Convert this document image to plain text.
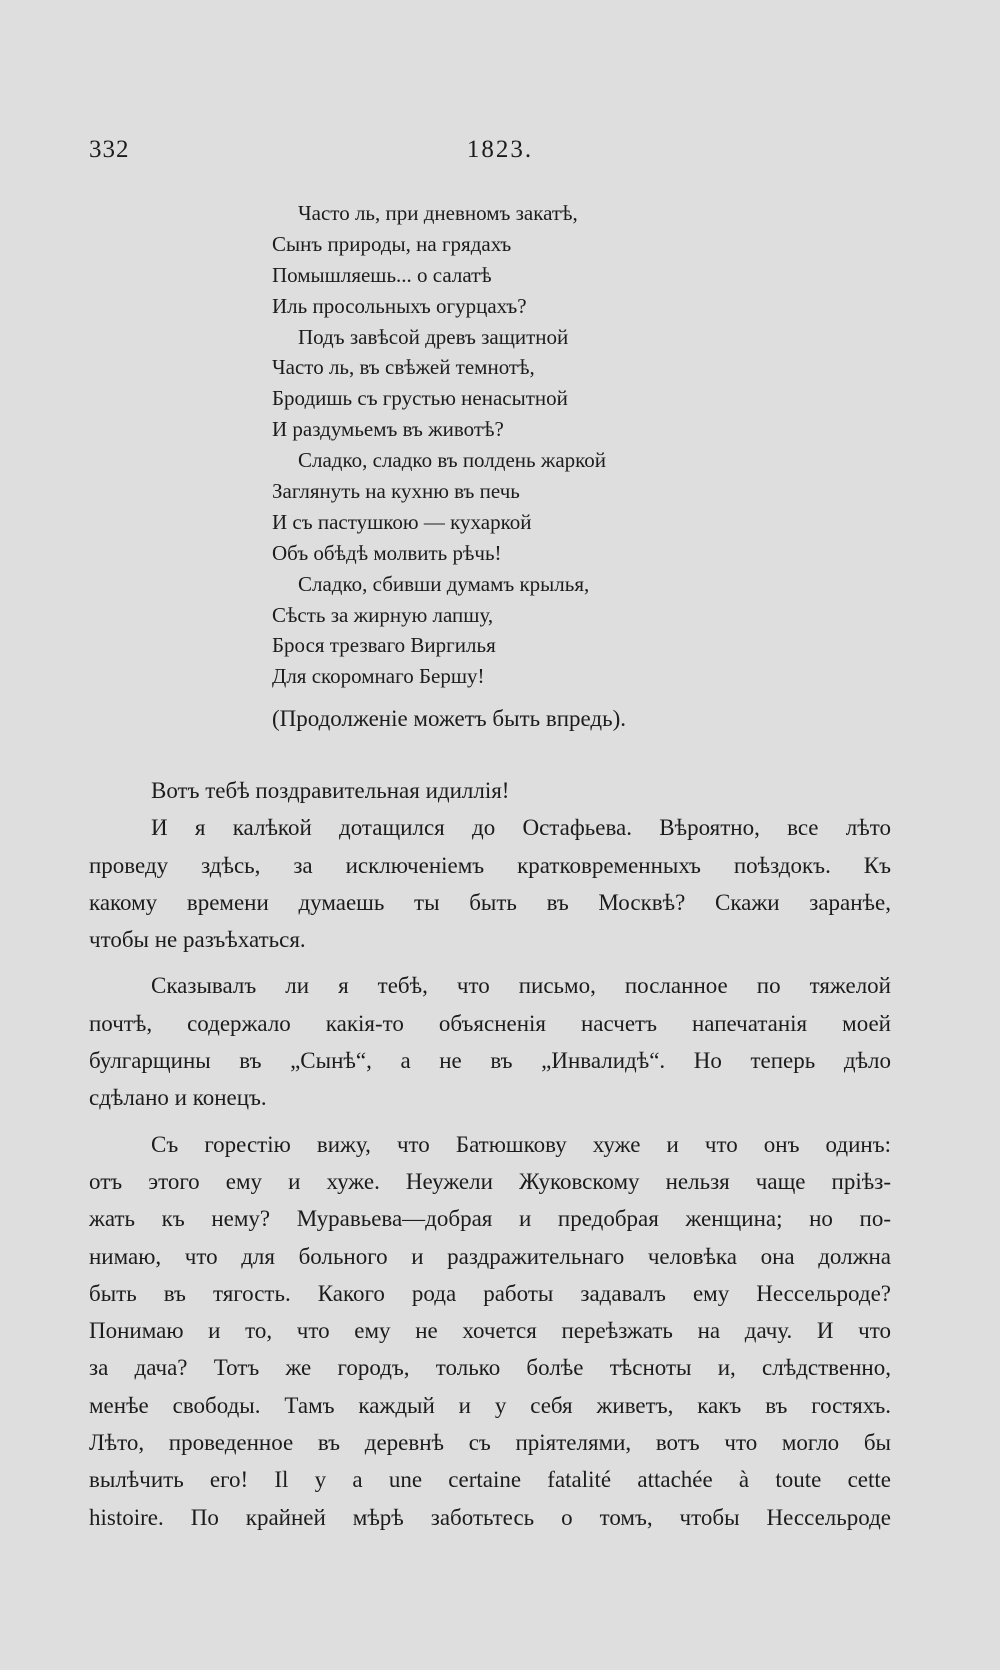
332	1823.
Часто ль, при дневномъ закатѣ,
Сынъ природы, на грядахъ
Помышляешь... о салатѣ
Иль просольныхъ огурцахъ?
Подъ завѣсой древъ защитной
Часто ль, въ свѣжей темнотѣ,
Бродишь съ грустью ненасытной
И раздумьемъ въ животѣ?
Сладко, сладко въ полдень жаркой
Заглянуть на кухню въ печь
И съ пастушкою — кухаркой
Объ обѣдѣ молвить рѣчь!
Сладко, сбивши думамъ крылья,
Сѣсть за жирную лапшу,
Брося трезваго Виргилья
Для скоромнаго Бершу!
(Продолженіе можетъ быть впредь).
Вотъ тебѣ поздравительная идиллія!
И я калѣкой дотащился до Остафьева. Вѣроятно, все лѣто
проведу здѣсь, за исключеніемъ кратковременныхъ поѣздокъ. Къ
какому времени думаешь ты быть въ Москвѣ? Скажи заранѣе,
чтобы не разъѣхаться.
Сказывалъ ли я тебѣ, что письмо, посланное по тяжелой
почтѣ, содержало какія-то объясненія насчетъ напечатанія моей
булгарщины въ „Сынѣ“, а не въ „Инвалидѣ“. Но теперь дѣло
сдѣлано и конецъ.
Съ горестію вижу, что Батюшкову хуже и что онъ одинъ:
отъ этого ему и хуже. Неужели Жуковскому нельзя чаще пріѣз-
жать къ нему? Муравьева—добрая и предобрая женщина; но по-
нимаю, что для больного и раздражительнаго человѣка она должна
быть въ тягость. Какого рода работы задавалъ ему Нессельроде?
Понимаю и то, что ему не хочется переѣзжать на дачу. И что
за дача? Тотъ же городъ, только болѣе тѣсноты и, слѣдственно,
менѣе свободы. Тамъ каждый и у себя живетъ, какъ въ гостяхъ.
Лѣто, проведенное въ деревнѣ съ пріятелями, вотъ что могло бы
вылѣчить его! Il y a une certaine fatalité attachée à toute cette
histoire. По крайней мѣрѣ заботьтесь о томъ, чтобы Нессельроде
